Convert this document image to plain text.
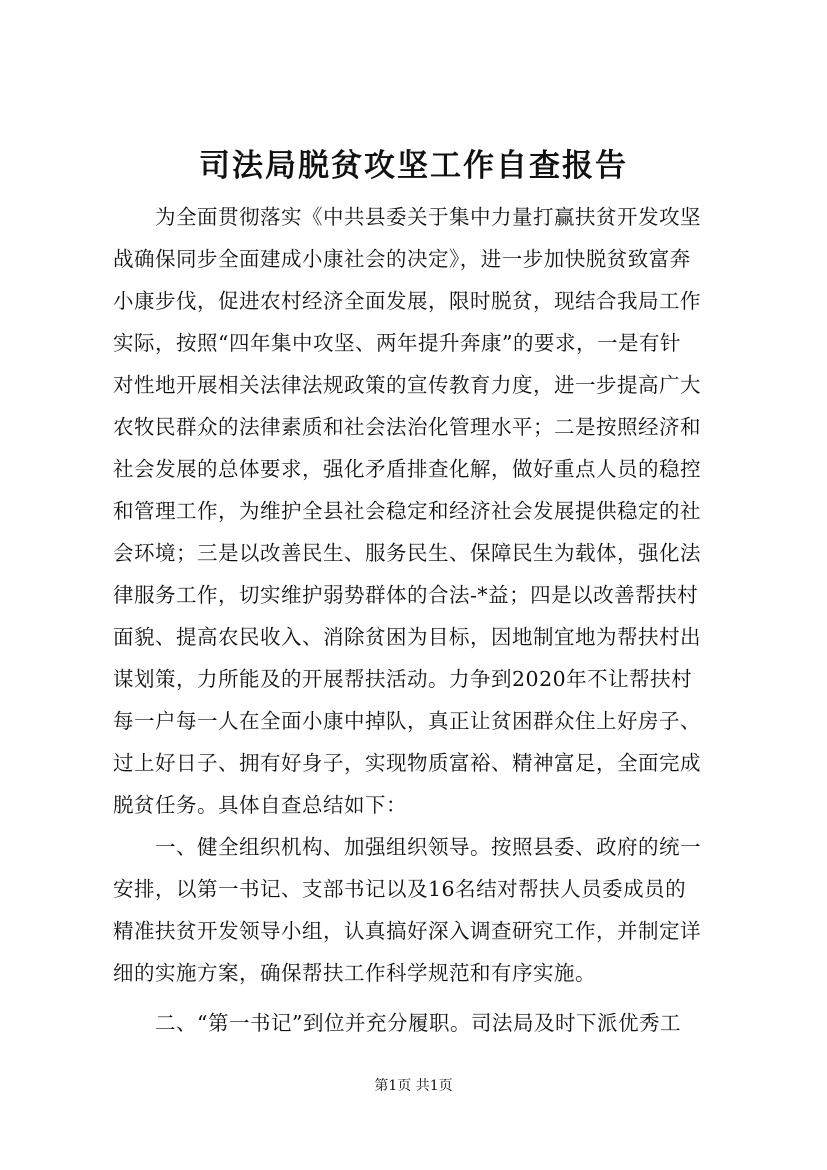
司法局脱贫攻坚工作自查报告
　　为全面贯彻落实《中共县委关于集中力量打赢扶贫开发攻坚
战确保同步全面建成小康社会的决定》，进一步加快脱贫致富奔
小康步伐，促进农村经济全面发展，限时脱贫，现结合我局工作
实际，按照“四年集中攻坚、两年提升奔康”的要求，一是有针
对性地开展相关法律法规政策的宣传教育力度，进一步提高广大
农牧民群众的法律素质和社会法治化管理水平；二是按照经济和
社会发展的总体要求，强化矛盾排查化解，做好重点人员的稳控
和管理工作，为维护全县社会稳定和经济社会发展提供稳定的社
会环境；三是以改善民生、服务民生、保障民生为载体，强化法
律服务工作，切实维护弱势群体的合法-*益；四是以改善帮扶村
面貌、提高农民收入、消除贫困为目标，因地制宜地为帮扶村出
谋划策，力所能及的开展帮扶活动。力争到2020年不让帮扶村
每一户每一人在全面小康中掉队，真正让贫困群众住上好房子、
过上好日子、拥有好身子，实现物质富裕、精神富足，全面完成
脱贫任务。具体自查总结如下：
　　一、健全组织机构、加强组织领导。按照县委、政府的统一
安排，以第一书记、支部书记以及16名结对帮扶人员委成员的
精准扶贫开发领导小组，认真搞好深入调查研究工作，并制定详
细的实施方案，确保帮扶工作科学规范和有序实施。
　　二、“第一书记”到位并充分履职。司法局及时下派优秀工
第1页 共1页
